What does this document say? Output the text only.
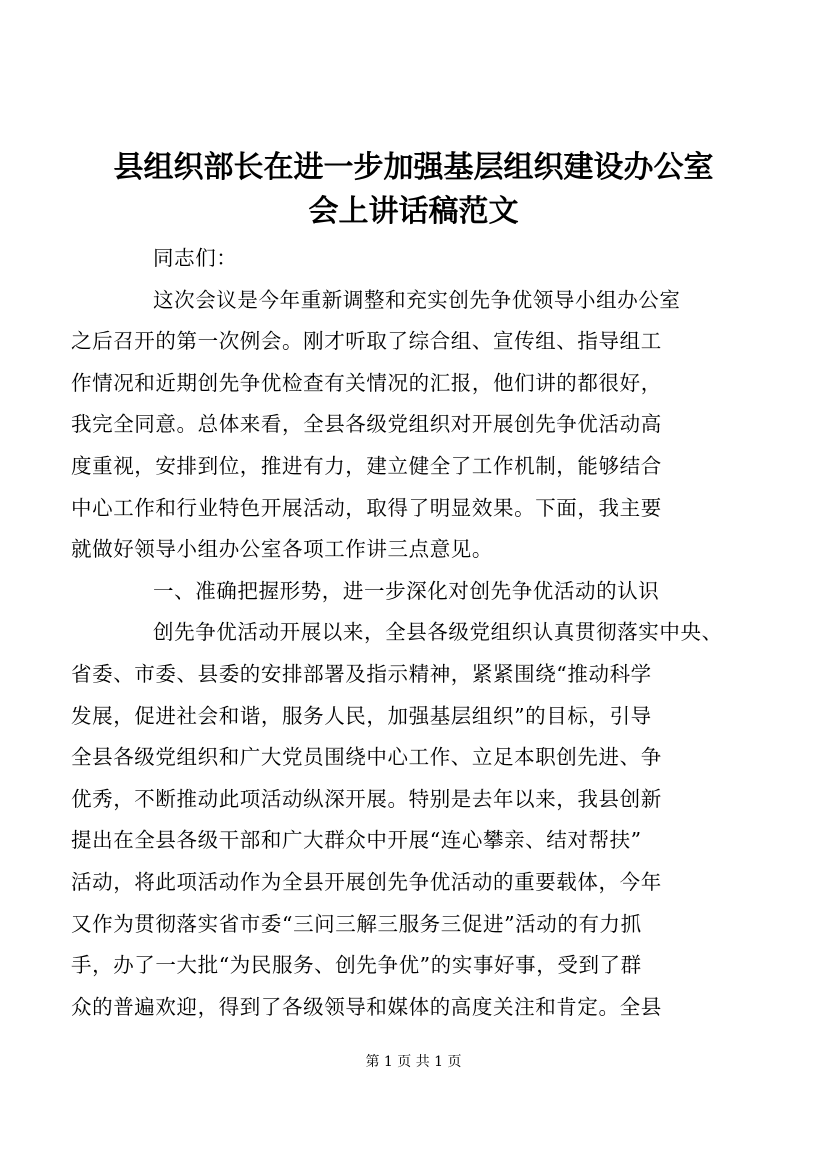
县组织部长在进一步加强基层组织建设办公室
会上讲话稿范文

同志们：

这次会议是今年重新调整和充实创先争优领导小组办公室
之后召开的第一次例会。刚才听取了综合组、宣传组、指导组工
作情况和近期创先争优检查有关情况的汇报，他们讲的都很好，
我完全同意。总体来看，全县各级党组织对开展创先争优活动高
度重视，安排到位，推进有力，建立健全了工作机制，能够结合
中心工作和行业特色开展活动，取得了明显效果。下面，我主要
就做好领导小组办公室各项工作讲三点意见。

一、准确把握形势，进一步深化对创先争优活动的认识

创先争优活动开展以来，全县各级党组织认真贯彻落实中央、
省委、市委、县委的安排部署及指示精神，紧紧围绕“推动科学
发展，促进社会和谐，服务人民，加强基层组织”的目标，引导
全县各级党组织和广大党员围绕中心工作、立足本职创先进、争
优秀，不断推动此项活动纵深开展。特别是去年以来，我县创新
提出在全县各级干部和广大群众中开展“连心攀亲、结对帮扶”
活动，将此项活动作为全县开展创先争优活动的重要载体，今年
又作为贯彻落实省市委“三问三解三服务三促进”活动的有力抓
手，办了一大批“为民服务、创先争优”的实事好事，受到了群
众的普遍欢迎，得到了各级领导和媒体的高度关注和肯定。全县

第 1 页 共 1 页
